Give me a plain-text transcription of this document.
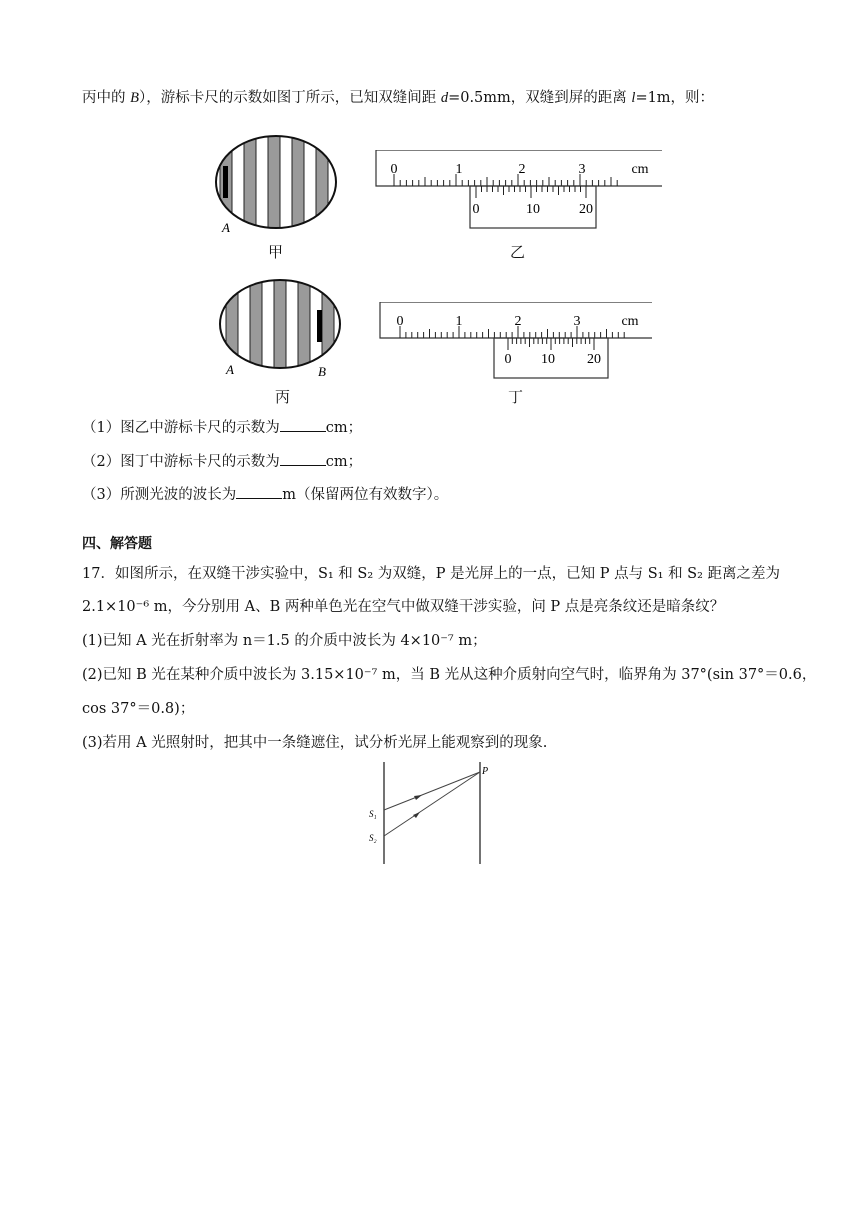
丙中的 B），游标卡尺的示数如图丁所示，已知双缝间距 d=0.5mm，双缝到屏的距离 l=1m，则：
A
甲
0	1	2	3	cm
0	10	20
乙
A	B
丙
0	1	2	3	cm
0 10 20
丁
（1）图乙中游标卡尺的示数为	cm；
（2）图丁中游标卡尺的示数为	cm；
（3）所测光波的波长为	m（保留两位有效数字）。
四、解答题
17．如图所示，在双缝干涉实验中，S₁ 和 S₂ 为双缝，P 是光屏上的一点，已知 P 点与 S₁ 和 S₂ 距离之差为
2.1×10⁻⁶ m，今分别用 A、B 两种单色光在空气中做双缝干涉实验，问 P 点是亮条纹还是暗条纹？
(1)已知 A 光在折射率为 n＝1.5 的介质中波长为 4×10⁻⁷ m；
(2)已知 B 光在某种介质中波长为 3.15×10⁻⁷ m，当 B 光从这种介质射向空气时，临界角为 37°(sin 37°＝0.6，
cos 37°＝0.8)；
(3)若用 A 光照射时，把其中一条缝遮住，试分析光屏上能观察到的现象.
P
S₁
S₂
